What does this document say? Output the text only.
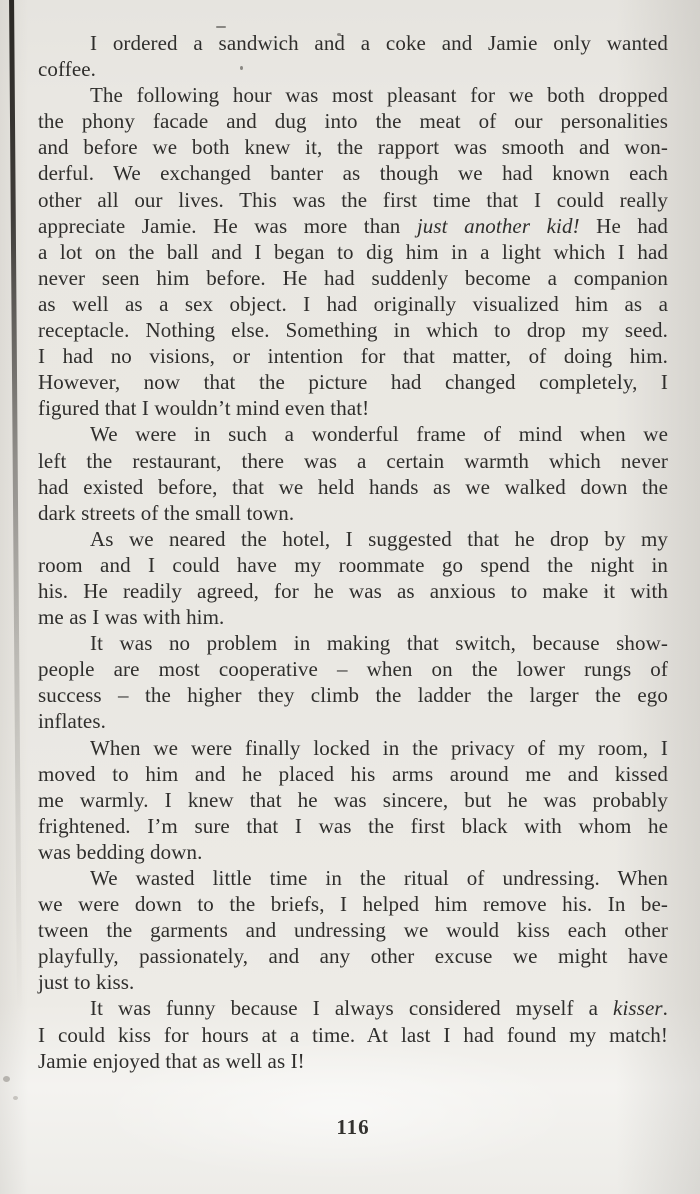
I ordered a sandwich and a coke and Jamie only wanted
coffee.
The following hour was most pleasant for we both dropped
the phony facade and dug into the meat of our personalities
and before we both knew it, the rapport was smooth and won-
derful. We exchanged banter as though we had known each
other all our lives. This was the first time that I could really
appreciate Jamie. He was more than just another kid! He had
a lot on the ball and I began to dig him in a light which I had
never seen him before. He had suddenly become a companion
as well as a sex object. I had originally visualized him as a
receptacle. Nothing else. Something in which to drop my seed.
I had no visions, or intention for that matter, of doing him.
However, now that the picture had changed completely, I
figured that I wouldn’t mind even that!
We were in such a wonderful frame of mind when we
left the restaurant, there was a certain warmth which never
had existed before, that we held hands as we walked down the
dark streets of the small town.
As we neared the hotel, I suggested that he drop by my
room and I could have my roommate go spend the night in
his. He readily agreed, for he was as anxious to make it with
me as I was with him.
It was no problem in making that switch, because show-
people are most cooperative – when on the lower rungs of
success – the higher they climb the ladder the larger the ego
inflates.
When we were finally locked in the privacy of my room, I
moved to him and he placed his arms around me and kissed
me warmly. I knew that he was sincere, but he was probably
frightened. I’m sure that I was the first black with whom he
was bedding down.
We wasted little time in the ritual of undressing. When
we were down to the briefs, I helped him remove his. In be-
tween the garments and undressing we would kiss each other
playfully, passionately, and any other excuse we might have
just to kiss.
It was funny because I always considered myself a kisser.
I could kiss for hours at a time. At last I had found my match!
Jamie enjoyed that as well as I!
116
